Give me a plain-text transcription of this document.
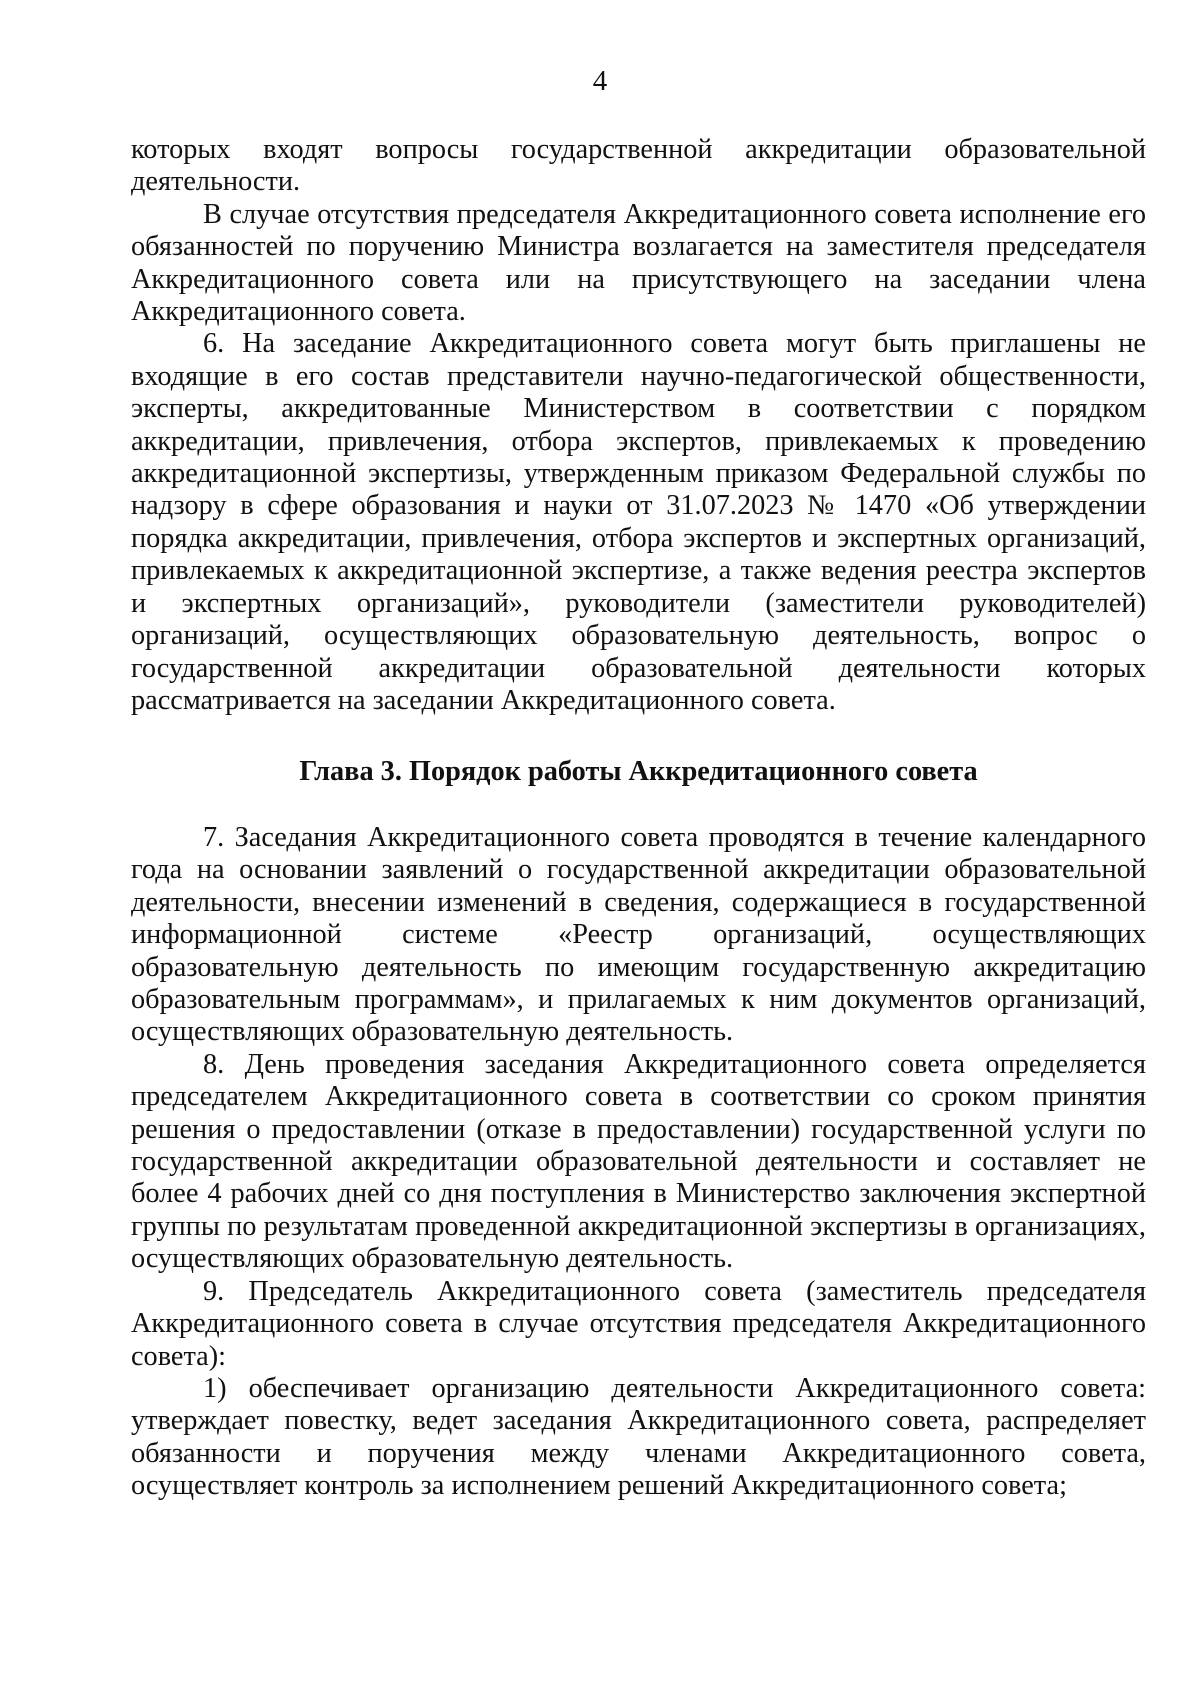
4

которых входят вопросы государственной аккредитации образовательной деятельности.

В случае отсутствия председателя Аккредитационного совета исполнение его обязанностей по поручению Министра возлагается на заместителя председателя Аккредитационного совета или на присутствующего на заседании члена Аккредитационного совета.

6. На заседание Аккредитационного совета могут быть приглашены не входящие в его состав представители научно-педагогической общественности, эксперты, аккредитованные Министерством в соответствии с порядком аккредитации, привлечения, отбора экспертов, привлекаемых к проведению аккредитационной экспертизы, утвержденным приказом Федеральной службы по надзору в сфере образования и науки от 31.07.2023 № 1470 «Об утверждении порядка аккредитации, привлечения, отбора экспертов и экспертных организаций, привлекаемых к аккредитационной экспертизе, а также ведения реестра экспертов и экспертных организаций», руководители (заместители руководителей) организаций, осуществляющих образовательную деятельность, вопрос о государственной аккредитации образовательной деятельности которых рассматривается на заседании Аккредитационного совета.

Глава 3. Порядок работы Аккредитационного совета

7. Заседания Аккредитационного совета проводятся в течение календарного года на основании заявлений о государственной аккредитации образовательной деятельности, внесении изменений в сведения, содержащиеся в государственной информационной системе «Реестр организаций, осуществляющих образовательную деятельность по имеющим государственную аккредитацию образовательным программам», и прилагаемых к ним документов организаций, осуществляющих образовательную деятельность.

8. День проведения заседания Аккредитационного совета определяется председателем Аккредитационного совета в соответствии со сроком принятия решения о предоставлении (отказе в предоставлении) государственной услуги по государственной аккредитации образовательной деятельности и составляет не более 4 рабочих дней со дня поступления в Министерство заключения экспертной группы по результатам проведенной аккредитационной экспертизы в организациях, осуществляющих образовательную деятельность.

9. Председатель Аккредитационного совета (заместитель председателя Аккредитационного совета в случае отсутствия председателя Аккредитационного совета):

1) обеспечивает организацию деятельности Аккредитационного совета: утверждает повестку, ведет заседания Аккредитационного совета, распределяет обязанности и поручения между членами Аккредитационного совета, осуществляет контроль за исполнением решений Аккредитационного совета;
